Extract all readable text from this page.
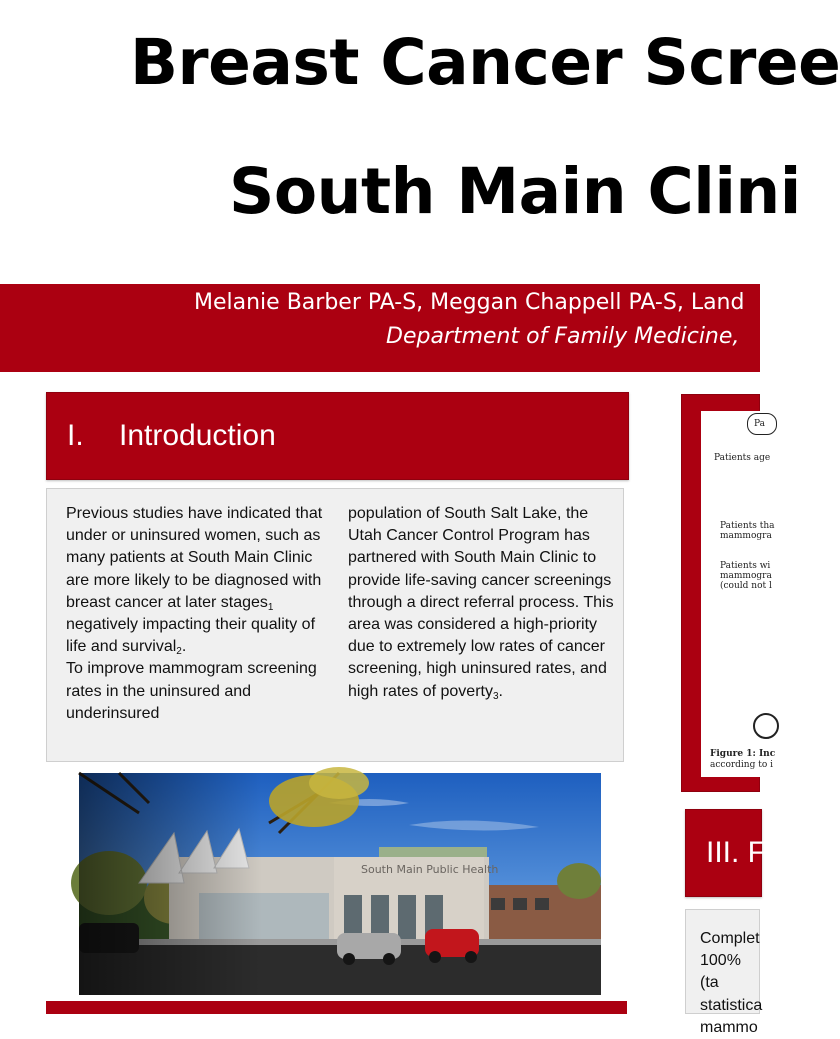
Breast Cancer Scree
South Main Clini
Melanie Barber PA-S, Meggan Chappell PA-S, Land
Department of Family Medicine,
I. Introduction
Previous studies have indicated that under or uninsured women, such as many patients at South Main Clinic are more likely to be diagnosed with breast cancer at later stages$_1$ negatively impacting their quality of life and survival$_2$.
To improve mammogram screening rates in the uninsured and underinsured
population of South Salt Lake, the Utah Cancer Control Program has partnered with South Main Clinic to provide life-saving cancer screenings through a direct referral process. This area was considered a high-priority due to extremely low rates of cancer screening, high uninsured rates, and high rates of poverty$_3$.
Pa
Patients age
Patients tha
mammogra
Patients wi
mammogra
(could not l
Figure 1: Inc
according to i
III. F
Complet 100% (ta statistica mammo
